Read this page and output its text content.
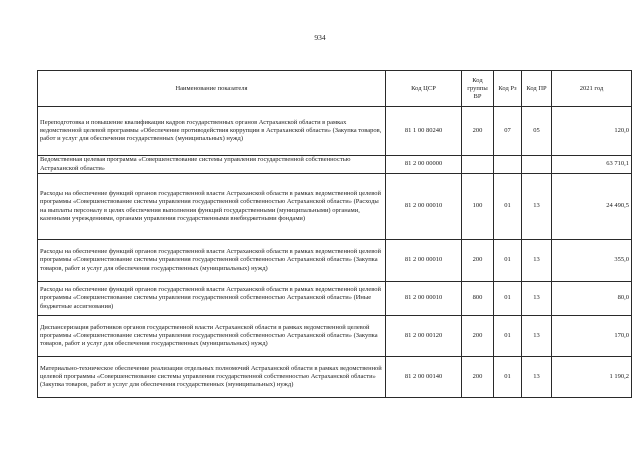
934
Наименование показателя	Код ЦСР	Код группы ВР	Код Рз	Код ПР	2021 год
Переподготовка и повышение квалификации кадров государственных органов Астраханской области в рамках ведомственной целевой программы «Обеспечение противодействия коррупции в Астраханской области» (Закупка товаров, работ и услуг для обеспечения государственных (муниципальных) нужд)	81 1 00 80240	200	07	05	120,0
Ведомственная целевая программа «Совершенствование системы управления государственной собственностью Астраханской области»	81 2 00 00000				63 710,1
Расходы на обеспечение функций органов государственной власти Астраханской области в рамках ведомственной целевой программы «Совершенствование системы управления государственной собственностью Астраханской области» (Расходы на выплаты персоналу в целях обеспечения выполнения функций государственными (муниципальными) органами, казенными учреждениями, органами управления государственными внебюджетными фондами)	81 2 00 00010	100	01	13	24 490,5
Расходы на обеспечение функций органов государственной власти Астраханской области в рамках ведомственной целевой программы «Совершенствование системы управления государственной собственностью Астраханской области» (Закупка товаров, работ и услуг для обеспечения государственных (муниципальных) нужд)	81 2 00 00010	200	01	13	355,0
Расходы на обеспечение функций органов государственной власти Астраханской области в рамках ведомственной целевой программы «Совершенствование системы управления государственной собственностью Астраханской области» (Иные бюджетные ассигнования)	81 2 00 00010	800	01	13	80,0
Диспансеризация работников органов государственной власти Астраханской области в рамках ведомственной целевой программы «Совершенствование системы управления государственной собственностью Астраханской области» (Закупка товаров, работ и услуг для обеспечения государственных (муниципальных) нужд)	81 2 00 00120	200	01	13	170,0
Материально-техническое обеспечение реализации отдельных полномочий Астраханской области в рамках ведомственной целевой программы «Совершенствование системы управления государственной собственностью Астраханской области» (Закупка товаров, работ и услуг для обеспечения государственных (муниципальных) нужд)	81 2 00 00140	200	01	13	1 190,2
